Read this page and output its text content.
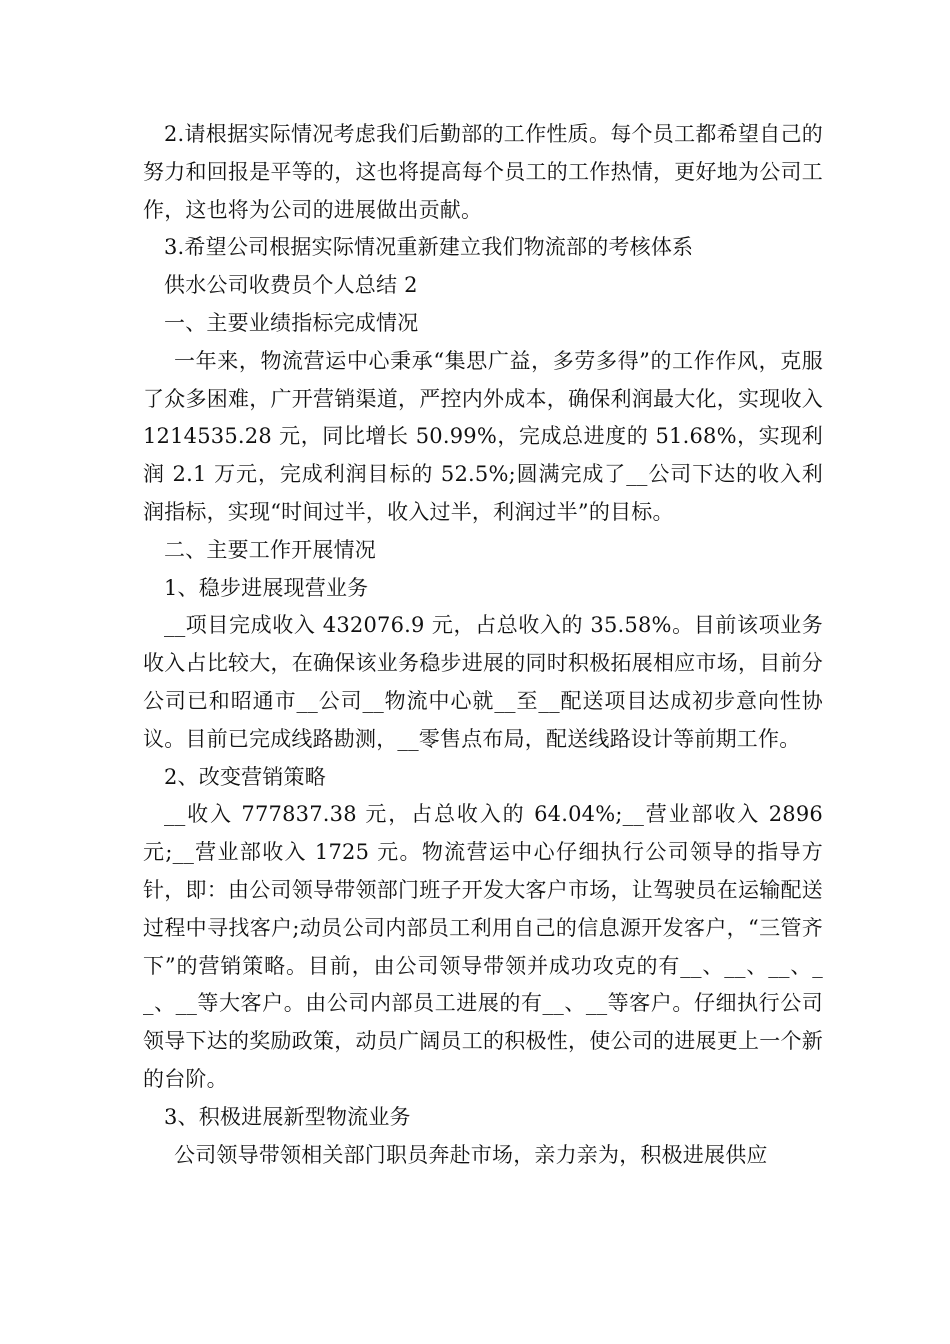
2.请根据实际情况考虑我们后勤部的工作性质。每个员工都希望自己的努力和回报是平等的，这也将提高每个员工的工作热情，更好地为公司工作，这也将为公司的进展做出贡献。

3.希望公司根据实际情况重新建立我们物流部的考核体系

供水公司收费员个人总结 2

一、主要业绩指标完成情况

一年来，物流营运中心秉承“集思广益，多劳多得”的工作作风，克服了众多困难，广开营销渠道，严控内外成本，确保利润最大化，实现收入 1214535.28 元，同比增长 50.99%，完成总进度的 51.68%，实现利润 2.1 万元，完成利润目标的 52.5%;圆满完成了__公司下达的收入利润指标，实现“时间过半，收入过半，利润过半”的目标。

二、主要工作开展情况

1、稳步进展现营业务

__项目完成收入 432076.9 元，占总收入的 35.58%。目前该项业务收入占比较大，在确保该业务稳步进展的同时积极拓展相应市场，目前分公司已和昭通市__公司__物流中心就__至__配送项目达成初步意向性协议。目前已完成线路勘测，__零售点布局，配送线路设计等前期工作。

2、改变营销策略

__收入 777837.38 元，占总收入的 64.04%;__营业部收入 2896 元;__营业部收入 1725 元。物流营运中心仔细执行公司领导的指导方针，即：由公司领导带领部门班子开发大客户市场，让驾驶员在运输配送过程中寻找客户;动员公司内部员工利用自己的信息源开发客户，“三管齐下”的营销策略。目前，由公司领导带领并成功攻克的有__、__、__、__、__等大客户。由公司内部员工进展的有__、__等客户。仔细执行公司领导下达的奖励政策，动员广阔员工的积极性，使公司的进展更上一个新的台阶。

3、积极进展新型物流业务

公司领导带领相关部门职员奔赴市场，亲力亲为，积极进展供应
